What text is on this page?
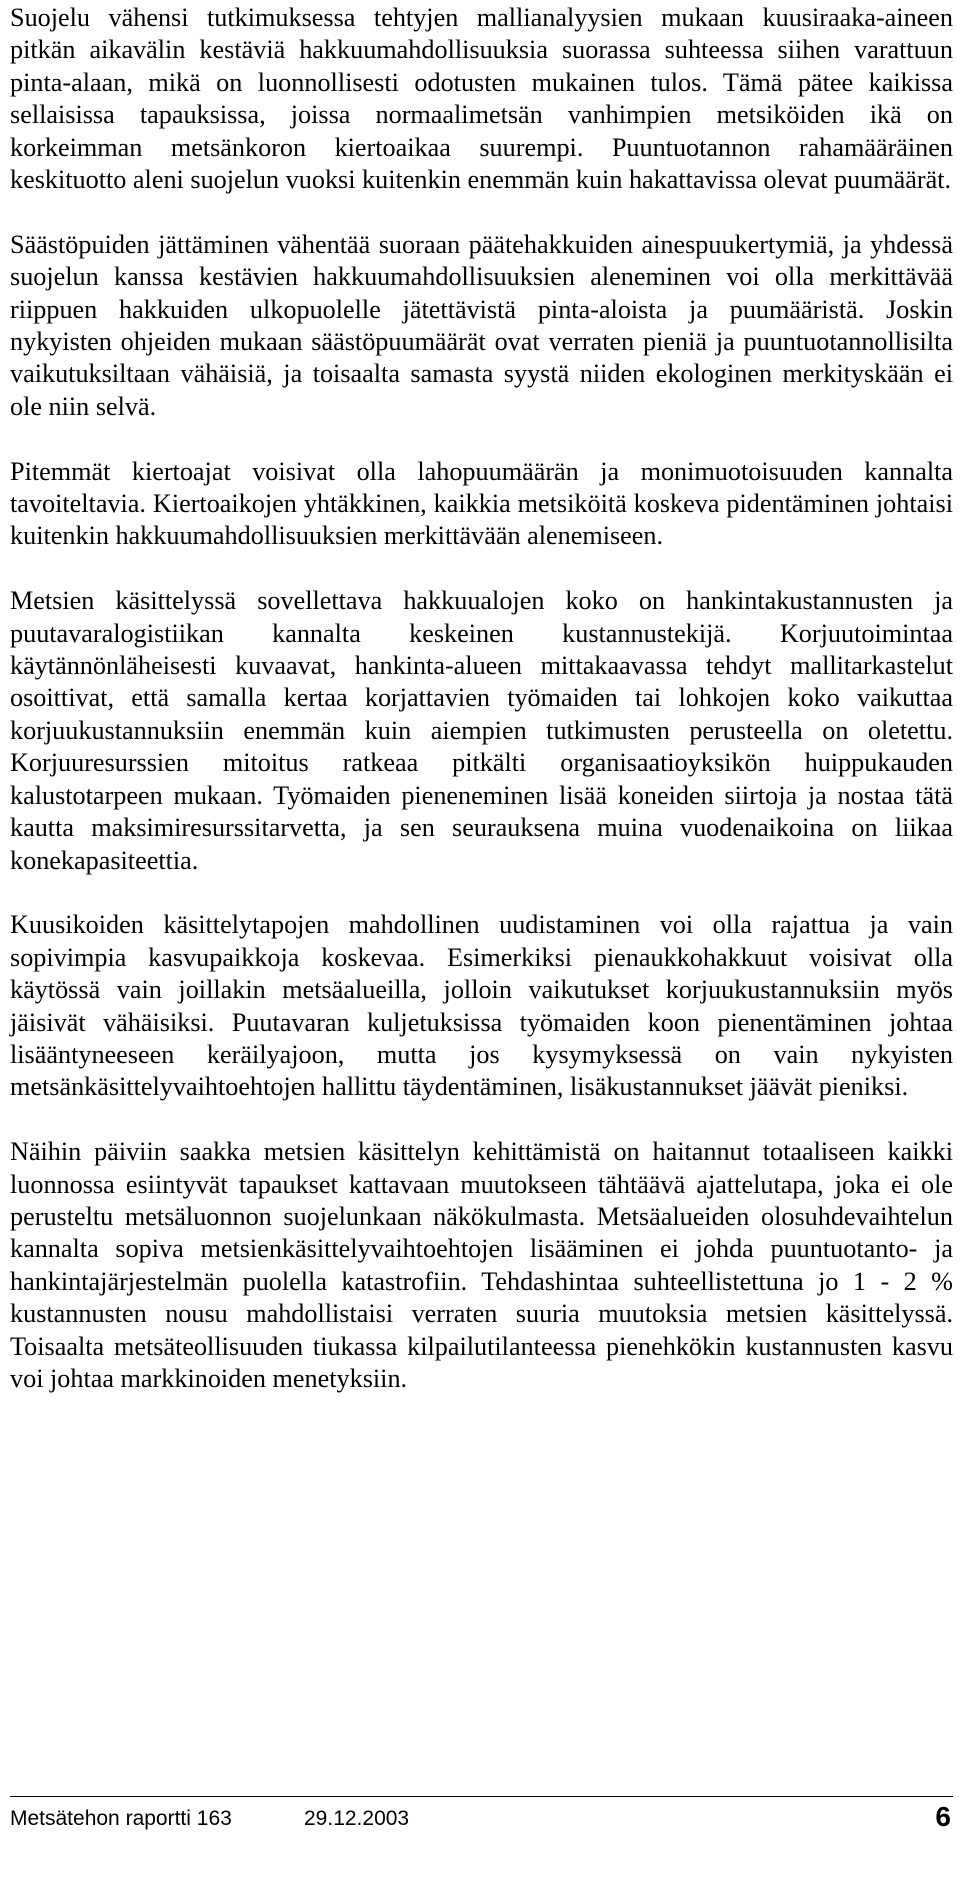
Suojelu vähensi tutkimuksessa tehtyjen mallianalyysien mukaan kuusiraaka-aineen pitkän aikavälin kestäviä hakkuumahdollisuuksia suorassa suhteessa siihen varattuun pinta-alaan, mikä on luonnollisesti odotusten mukainen tulos. Tämä pätee kaikissa sellaisissa tapauksissa, joissa normaalimetsän vanhimpien metsiköiden ikä on korkeimman metsänkoron kiertoaikaa suurempi. Puuntuotannon rahamääräinen keskituotto aleni suojelun vuoksi kuitenkin enemmän kuin hakattavissa olevat puumäärät.

Säästöpuiden jättäminen vähentää suoraan päätehakkuiden ainespuukertymiä, ja yhdessä suojelun kanssa kestävien hakkuumahdollisuuksien aleneminen voi olla merkittävää riippuen hakkuiden ulkopuolelle jätettävistä pinta-aloista ja puumääristä. Joskin nykyisten ohjeiden mukaan säästöpuumäärät ovat verraten pieniä ja puuntuotannollisilta vaikutuksiltaan vähäisiä, ja toisaalta samasta syystä niiden ekologinen merkityskään ei ole niin selvä.

Pitemmät kiertoajat voisivat olla lahopuumäärän ja monimuotoisuuden kannalta tavoiteltavia. Kiertoaikojen yhtäkkinen, kaikkia metsiköitä koskeva pidentäminen johtaisi kuitenkin hakkuumahdollisuuksien merkittävään alenemiseen.

Metsien käsittelyssä sovellettava hakkuualojen koko on hankintakustannusten ja puutavaralogistiikan kannalta keskeinen kustannustekijä. Korjuutoimintaa käytännönläheisesti kuvaavat, hankinta-alueen mittakaavassa tehdyt mallitarkastelut osoittivat, että samalla kertaa korjattavien työmaiden tai lohkojen koko vaikuttaa korjuukustannuksiin enemmän kuin aiempien tutkimusten perusteella on oletettu. Korjuuresurssien mitoitus ratkeaa pitkälti organisaatioyksikön huippukauden kalustotarpeen mukaan. Työmaiden pieneneminen lisää koneiden siirtoja ja nostaa tätä kautta maksimiresurssitarvetta, ja sen seurauksena muina vuodenaikoina on liikaa konekapasiteettia.

Kuusikoiden käsittelytapojen mahdollinen uudistaminen voi olla rajattua ja vain sopivimpia kasvupaikkoja koskevaa. Esimerkiksi pienaukkohakkuut voisivat olla käytössä vain joillakin metsäalueilla, jolloin vaikutukset korjuukustannuksiin myös jäisivät vähäisiksi. Puutavaran kuljetuksissa työmaiden koon pienentäminen johtaa lisääntyneeseen keräilyajoon, mutta jos kysymyksessä on vain nykyisten metsänkäsittelyvaihtoehtojen hallittu täydentäminen, lisäkustannukset jäävät pieniksi.

Näihin päiviin saakka metsien käsittelyn kehittämistä on haitannut totaaliseen kaikki luonnossa esiintyvät tapaukset kattavaan muutokseen tähtäävä ajattelutapa, joka ei ole perusteltu metsäluonnon suojelunkaan näkökulmasta. Metsäalueiden olosuhdevaihtelun kannalta sopiva metsienkäsittelyvaihtoehtojen lisääminen ei johda puuntuotanto- ja hankintajärjestelmän puolella katastrofiin. Tehdashintaa suhteellistettuna jo 1 - 2 % kustannusten nousu mahdollistaisi verraten suuria muutoksia metsien käsittelyssä. Toisaalta metsäteollisuuden tiukassa kilpailutilanteessa pienehkökin kustannusten kasvu voi johtaa markkinoiden menetyksiin.

Metsätehon raportti 163	29.12.2003	6
